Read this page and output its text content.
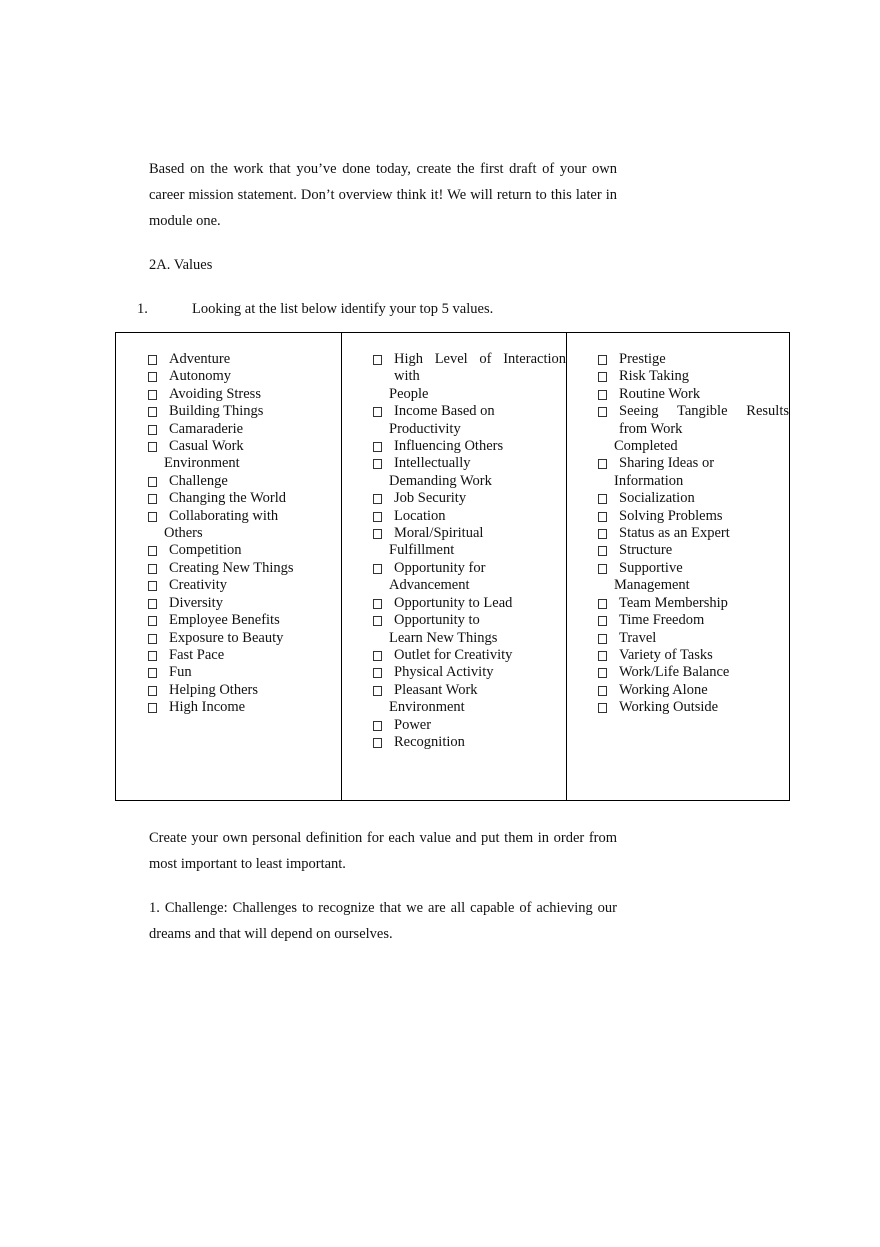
Based on the work that you’ve done today, create the first draft of your own career mission statement. Don’t overview think it! We will return to this later in module one.
2A. Values
1.	Looking at the list below identify your top 5 values.
Adventure
Autonomy
Avoiding Stress
Building Things
Camaraderie
Casual Work
Environment
Challenge
Changing the World
Collaborating with
Others
Competition
Creating New Things
Creativity
Diversity
Employee Benefits
Exposure to Beauty
Fast Pace
Fun
Helping Others
High Income
High Level of Interaction with
People
Income Based on
Productivity
Influencing Others
Intellectually
Demanding Work
Job Security
Location
Moral/Spiritual
Fulfillment
Opportunity for
Advancement
Opportunity to Lead
Opportunity to
Learn New Things
Outlet for Creativity
Physical Activity
Pleasant Work
Environment
Power
Recognition
Prestige
Risk Taking
Routine Work
Seeing Tangible Results from Work
Completed
Sharing Ideas or
Information
Socialization
Solving Problems
Status as an Expert
Structure
Supportive
Management
Team Membership
Time Freedom
Travel
Variety of Tasks
Work/Life Balance
Working Alone
Working Outside
Create your own personal definition for each value and put them in order from most important to least important.
1. Challenge: Challenges to recognize that we are all capable of achieving our dreams and that will depend on ourselves.
